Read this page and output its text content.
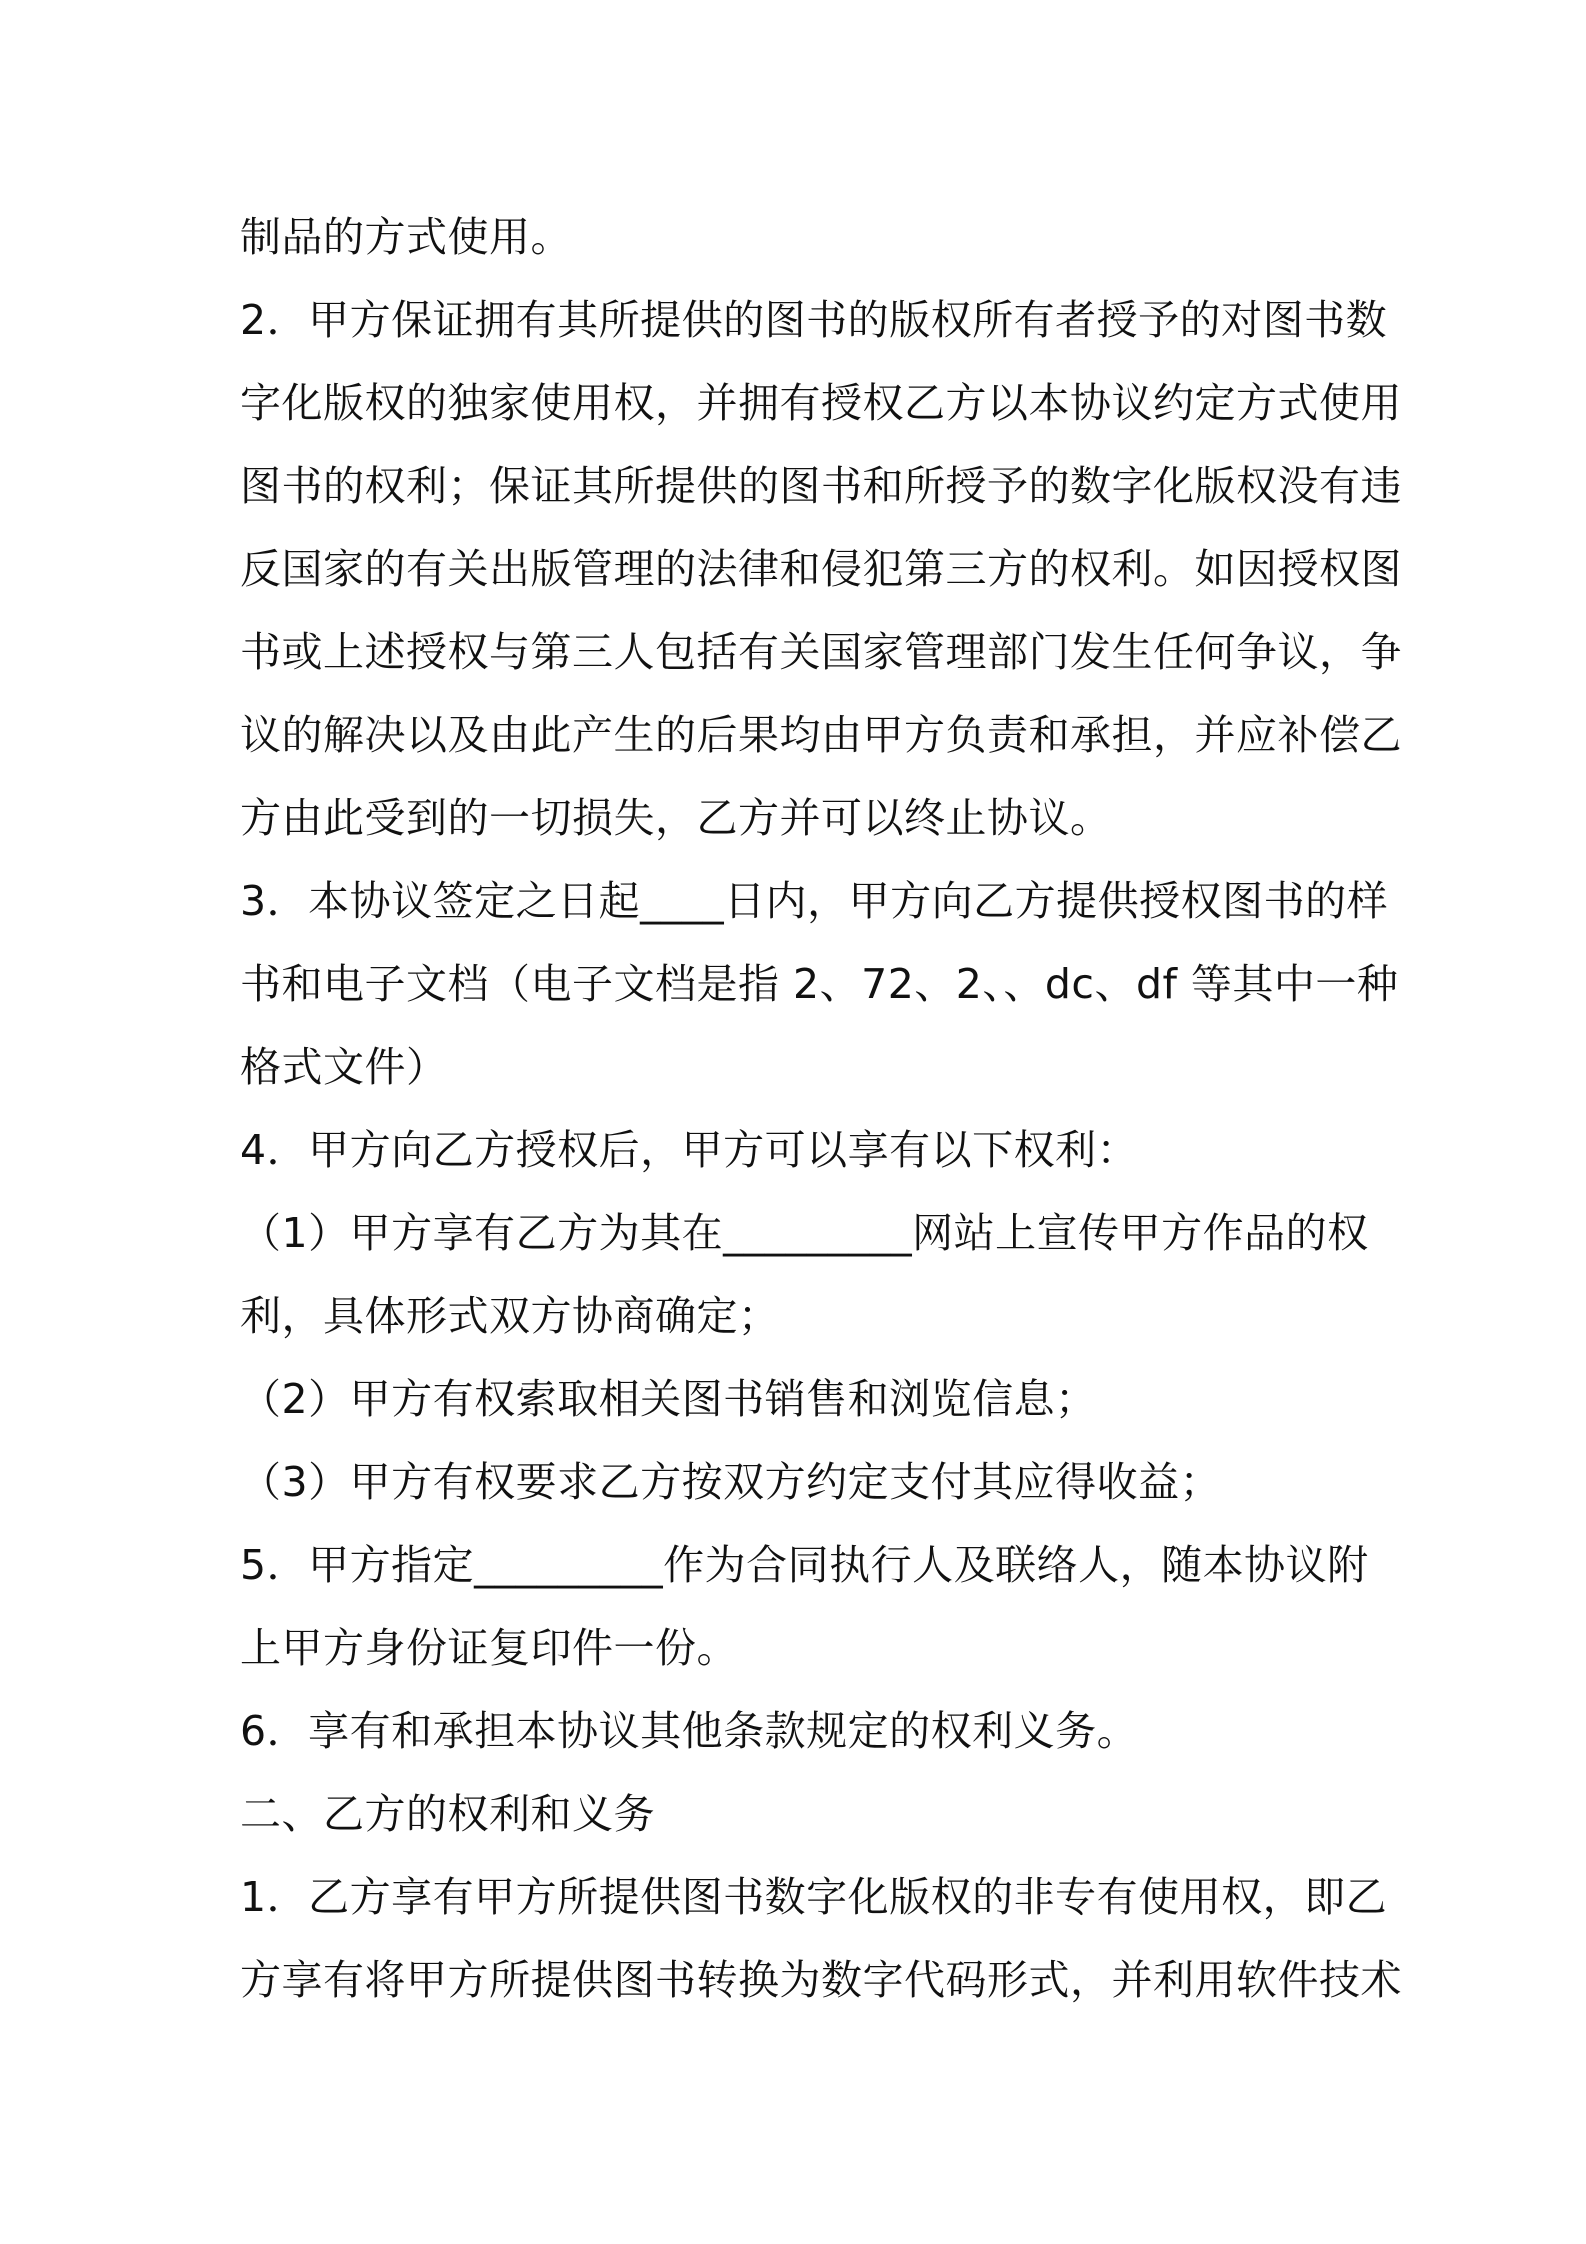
制品的方式使用。
2．甲方保证拥有其所提供的图书的版权所有者授予的对图书数
字化版权的独家使用权，并拥有授权乙方以本协议约定方式使用
图书的权利；保证其所提供的图书和所授予的数字化版权没有违
反国家的有关出版管理的法律和侵犯第三方的权利。如因授权图
书或上述授权与第三人包括有关国家管理部门发生任何争议，争
议的解决以及由此产生的后果均由甲方负责和承担，并应补偿乙
方由此受到的一切损失，乙方并可以终止协议。
3．本协议签定之日起____日内，甲方向乙方提供授权图书的样
书和电子文档（电子文档是指 2、72、2、、dc、df 等其中一种
格式文件）
4．甲方向乙方授权后，甲方可以享有以下权利：
（1）甲方享有乙方为其在_________网站上宣传甲方作品的权
利，具体形式双方协商确定；
（2）甲方有权索取相关图书销售和浏览信息；
（3）甲方有权要求乙方按双方约定支付其应得收益；
5．甲方指定_________作为合同执行人及联络人，随本协议附
上甲方身份证复印件一份。
6．享有和承担本协议其他条款规定的权利义务。
二、乙方的权利和义务
1．乙方享有甲方所提供图书数字化版权的非专有使用权，即乙
方享有将甲方所提供图书转换为数字代码形式，并利用软件技术
